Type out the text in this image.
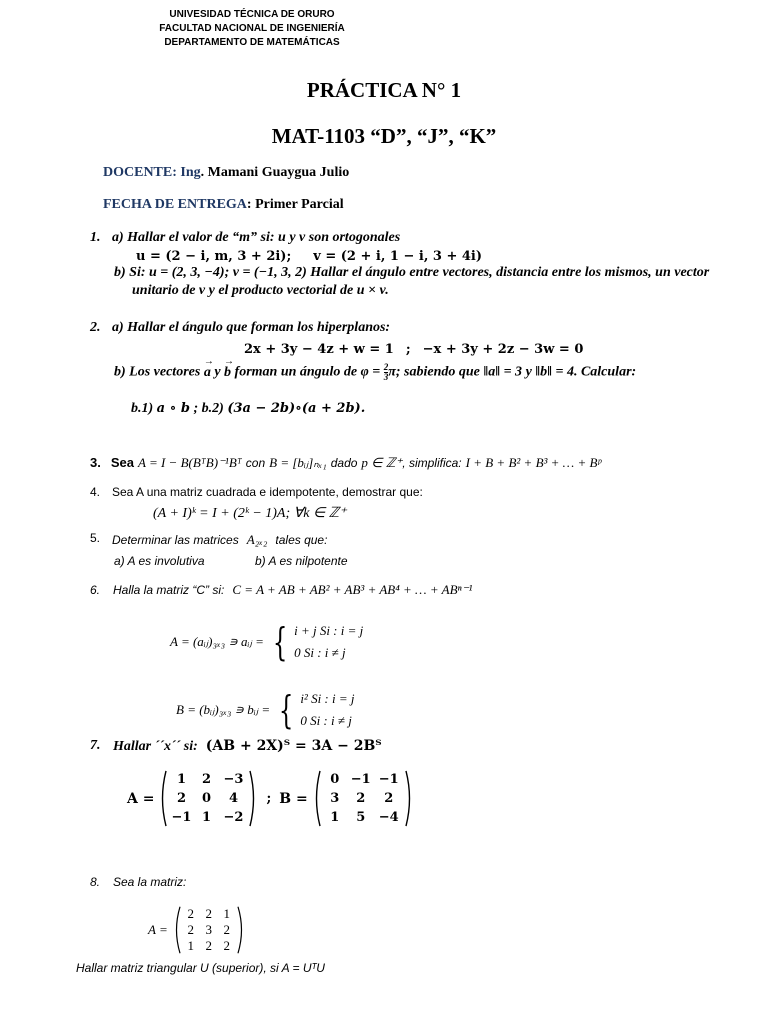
UNIVESIDAD TÉCNICA DE ORURO
FACULTAD NACIONAL DE INGENIERÍA
DEPARTAMENTO DE MATEMÁTICAS
PRÁCTICA N° 1
MAT-1103 “D”, “J”, “K”
DOCENTE: Ing. Mamani Guaygua Julio
FECHA DE ENTREGA: Primer Parcial
1. a) Hallar el valor de “m” si: u y v son ortogonales
u = (2 − i, m, 3 + 2i); v = (2 + i, 1 − i, 3 + 4i)
b) Si: u = (2, 3, −4); v = (−1, 3, 2) Hallar el ángulo entre vectores, distancia entre los mismos, un vector
unitario de v y el producto vectorial de u × v.
2. a) Hallar el ángulo que forman los hiperplanos:
2x + 3y − 4z + w = 1 ; −x + 3y + 2z − 3w = 0
b) Los vectores
→
a y
→
b forman un ángulo de $\varphi = \frac{2}{3} \pi$; sabiendo que ‖a‖ = 3 y ‖b‖ = 4. Calcular:
b.1) a ∘ b ; b.2) (3a − 2b)∘(a + 2b).
3. Sea A = I − B(BᵀB)⁻¹Bᵀ con B = [bᵢⱼ]ₙₓ₁ dado p ∈ ℤ⁺, simplifica: I + B + B² + B³ + … + Bᵖ
4. Sea A una matriz cuadrada e idempotente, demostrar que:
(A + I)ᵏ = I + (2ᵏ − 1)A; ∀k ∈ ℤ⁺
5. Determinar las matrices A₂ₓ₂ tales que:
a) A es involutiva	b) A es nilpotente
6. Halla la matriz “C” si: C = A + AB + AB² + AB³ + AB⁴ + … + ABⁿ⁻¹
A = (aᵢⱼ)₃ₓ₃ ∍ aᵢⱼ = { i + j Si : i = j
0 Si : i ≠ j
B = (bᵢⱼ)₃ₓ₃ ∍ bᵢⱼ = { i² Si : i = j
0 Si : i ≠ j
7. Hallar ´´x´´ si: (AB + 2X)ᵀ = 3A − 2Bᵀ
A =
1	2 −3
2	0	4
−1 1 −2
; B =
0 −1 −1
3	2	2
1	5	−4
8. Sea la matriz:
A =
2 2 1
2 3 2
1 2 2
Hallar matriz triangular U (superior), si A = UᵀU
